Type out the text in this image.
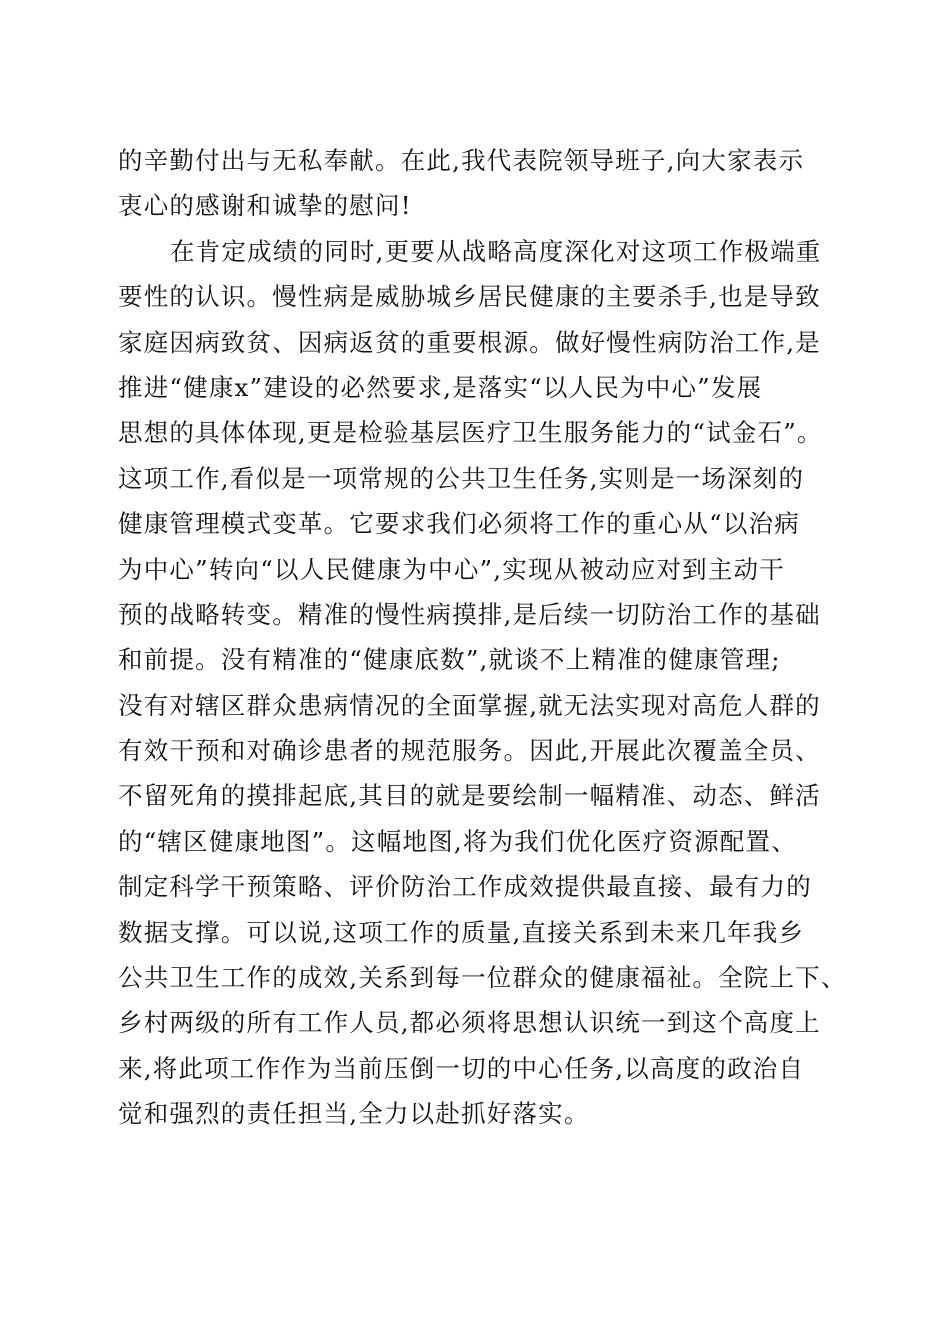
的辛勤付出与无私奉献。在此,我代表院领导班子,向大家表示
衷心的感谢和诚挚的慰问!
在肯定成绩的同时,更要从战略高度深化对这项工作极端重
要性的认识。慢性病是威胁城乡居民健康的主要杀手,也是导致
家庭因病致贫、因病返贫的重要根源。做好慢性病防治工作,是
推进“健康x”建设的必然要求,是落实“以人民为中心”发展
思想的具体体现,更是检验基层医疗卫生服务能力的“试金石”。
这项工作,看似是一项常规的公共卫生任务,实则是一场深刻的
健康管理模式变革。它要求我们必须将工作的重心从“以治病
为中心”转向“以人民健康为中心”,实现从被动应对到主动干
预的战略转变。精准的慢性病摸排,是后续一切防治工作的基础
和前提。没有精准的“健康底数”,就谈不上精准的健康管理;
没有对辖区群众患病情况的全面掌握,就无法实现对高危人群的
有效干预和对确诊患者的规范服务。因此,开展此次覆盖全员、
不留死角的摸排起底,其目的就是要绘制一幅精准、动态、鲜活
的“辖区健康地图”。这幅地图,将为我们优化医疗资源配置、
制定科学干预策略、评价防治工作成效提供最直接、最有力的
数据支撑。可以说,这项工作的质量,直接关系到未来几年我乡
公共卫生工作的成效,关系到每一位群众的健康福祉。全院上下、
乡村两级的所有工作人员,都必须将思想认识统一到这个高度上
来,将此项工作作为当前压倒一切的中心任务,以高度的政治自
觉和强烈的责任担当,全力以赴抓好落实。
